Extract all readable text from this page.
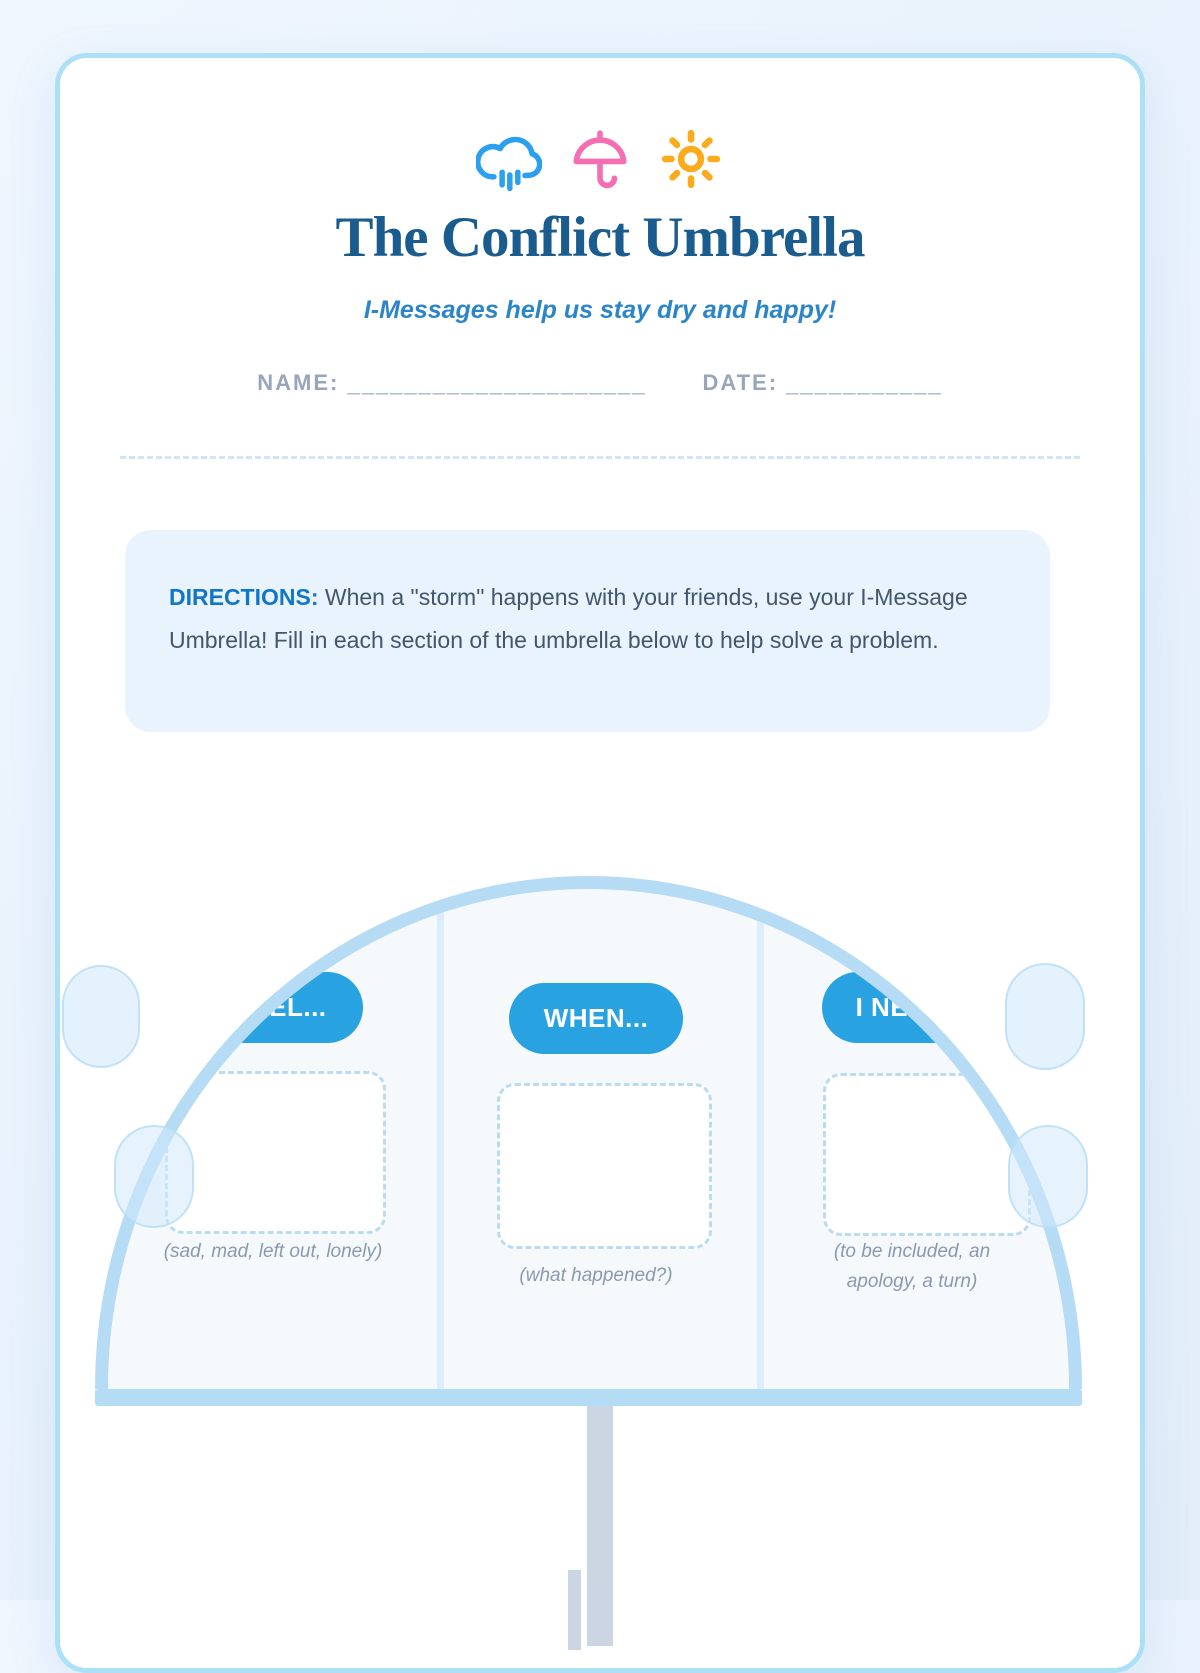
The Conflict Umbrella
I-Messages help us stay dry and happy!
NAME: _____________________	DATE: ___________
DIRECTIONS: When a "storm" happens with your friends, use your I-Message Umbrella! Fill in each section of the umbrella below to help solve a problem.
I FEEL...	WHEN...	I NEED...
(sad, mad, left out, lonely)
(what happened?)
(to be included, an apology, a turn)
